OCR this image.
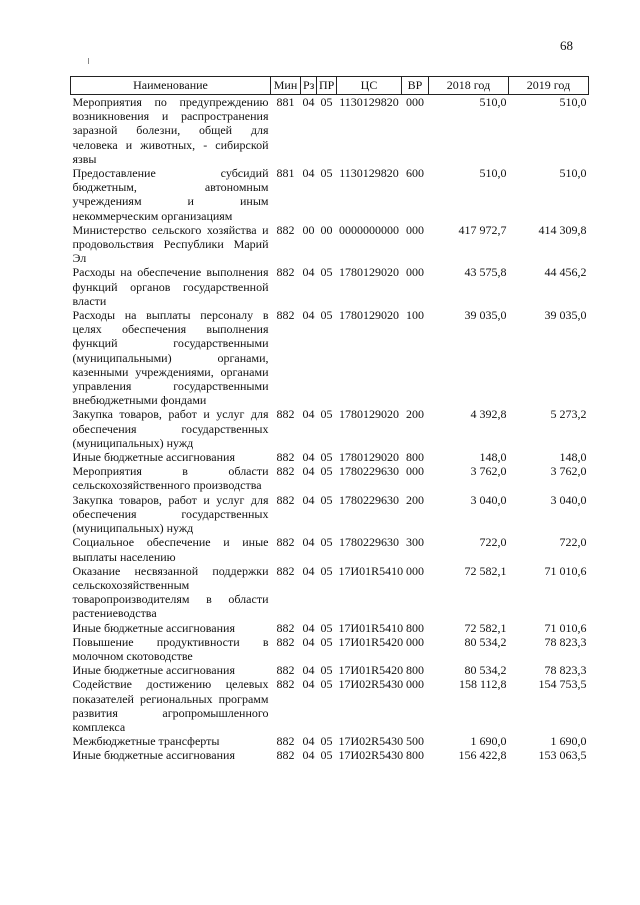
68
Наименование	Мин	Рз	ПР	ЦС	ВР	2018 год	2019 год
Мероприятия по предупреждению возникновения и распространения заразной болезни, общей для человека и животных, - сибирской язвы	881	04	05	1130129820	000	510,0	510,0
Предоставление субсидий бюджетным, автономным учреждениям и иным некоммерческим организациям	881	04	05	1130129820	600	510,0	510,0
Министерство сельского хозяйства и продовольствия Республики Марий Эл	882	00	00	0000000000	000	417 972,7	414 309,8
Расходы на обеспечение выполнения функций органов государственной власти	882	04	05	1780129020	000	43 575,8	44 456,2
Расходы на выплаты персоналу в целях обеспечения выполнения функций государственными (муниципальными) органами, казенными учреждениями, органами управления государственными внебюджетными фондами	882	04	05	1780129020	100	39 035,0	39 035,0
Закупка товаров, работ и услуг для обеспечения государственных (муниципальных) нужд	882	04	05	1780129020	200	4 392,8	5 273,2
Иные бюджетные ассигнования	882	04	05	1780129020	800	148,0	148,0
Мероприятия в области сельскохозяйственного производства	882	04	05	1780229630	000	3 762,0	3 762,0
Закупка товаров, работ и услуг для обеспечения государственных (муниципальных) нужд	882	04	05	1780229630	200	3 040,0	3 040,0
Социальное обеспечение и иные выплаты населению	882	04	05	1780229630	300	722,0	722,0
Оказание несвязанной поддержки сельскохозяйственным товаропроизводителям в области растениеводства	882	04	05	17И01R5410	000	72 582,1	71 010,6
Иные бюджетные ассигнования	882	04	05	17И01R5410	800	72 582,1	71 010,6
Повышение продуктивности в молочном скотоводстве	882	04	05	17И01R5420	000	80 534,2	78 823,3
Иные бюджетные ассигнования	882	04	05	17И01R5420	800	80 534,2	78 823,3
Содействие достижению целевых показателей региональных программ развития агропромышленного комплекса	882	04	05	17И02R5430	000	158 112,8	154 753,5
Межбюджетные трансферты	882	04	05	17И02R5430	500	1 690,0	1 690,0
Иные бюджетные ассигнования	882	04	05	17И02R5430	800	156 422,8	153 063,5
